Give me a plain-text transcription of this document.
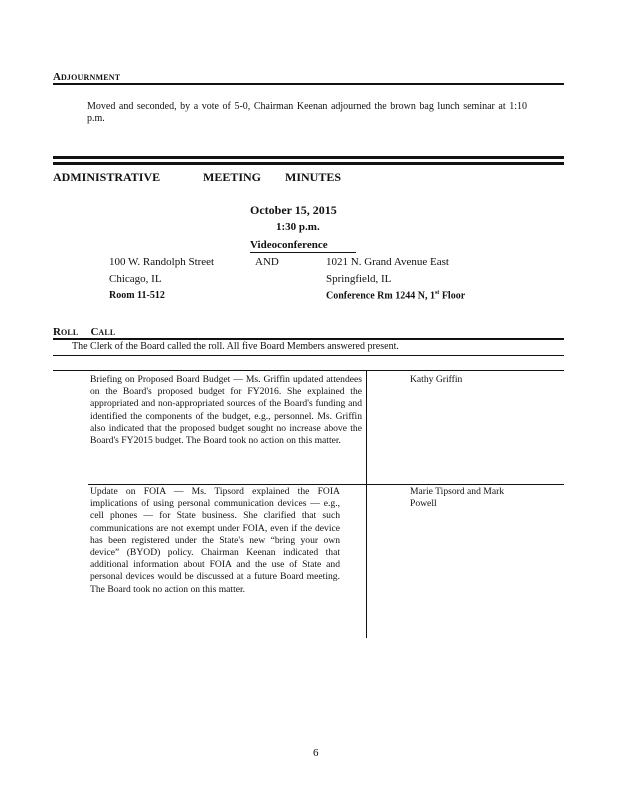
ADJOURNMENT
Moved and seconded, by a vote of 5-0, Chairman Keenan adjourned the brown bag lunch seminar at 1:10 p.m.
ADMINISTRATIVE	MEETING MINUTES
October 15, 2015
1:30 p.m.
Videoconference
100 W. Randolph Street	AND	1021 N. Grand Avenue East
Chicago, IL	Springfield, IL
Room 11-512	Conference Rm 1244 N, 1st Floor
ROLL CALL
The Clerk of the Board called the roll. All five Board Members answered present.
Briefing on Proposed Board Budget — Ms. Griffin updated attendees on the Board's proposed budget for FY2016. She explained the appropriated and non-appropriated sources of the Board's funding and identified the components of the budget, e.g., personnel. Ms. Griffin also indicated that the proposed budget sought no increase above the Board's FY2015 budget. The Board took no action on this matter.
Kathy Griffin
Update on FOIA — Ms. Tipsord explained the FOIA implications of using personal communication devices — e.g., cell phones — for State business. She clarified that such communications are not exempt under FOIA, even if the device has been registered under the State's new “bring your own device” (BYOD) policy. Chairman Keenan indicated that additional information about FOIA and the use of State and personal devices would be discussed at a future Board meeting. The Board took no action on this matter.
Marie Tipsord and Mark Powell
6
